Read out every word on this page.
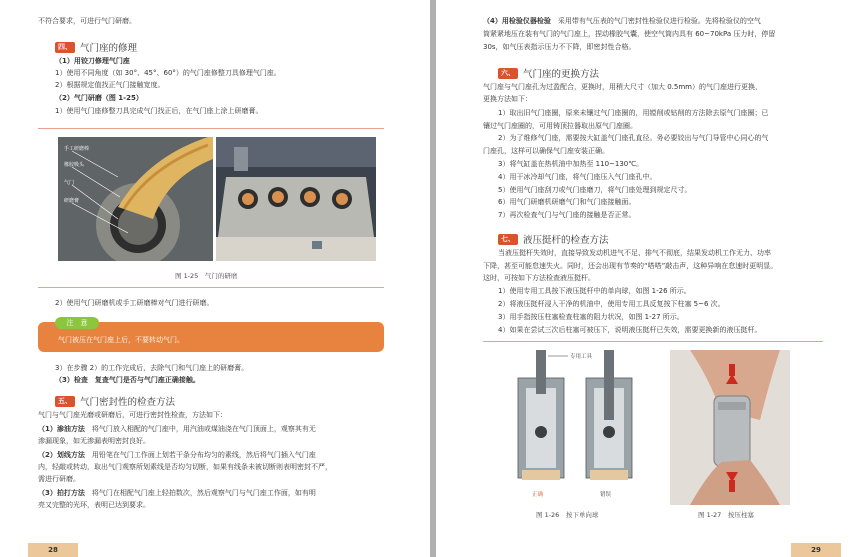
不符合要求，可进行气门研磨。
四、 气门座的修理
（1）用铰刀修理气门座
1）使用不同角度（如 30°、45°、60°）的气门座修整刀具修理气门座。
2）根据规定值找正气门接触宽度。
（2）气门研磨（图 1-25）
1）使用气门座修整刀具完成气门找正后，在气门座上涂上研磨膏。
手工研磨棒
橡胶吸头
气门
研磨膏
图 1-25　气门的研磨
2）使用气门研磨机或手工研磨棒对气门进行研磨。
注　意
气门被压在气门座上后，不要转动气门。
3）在步骤 2）的工作完成后，去除气门和气门座上的研磨膏。
（3）检查　复查气门是否与气门座正确接触。
五、 气门密封性的检查方法
气门与气门座光磨或研磨后，可进行密封性检查，方法如下：
（1）渗油方法　 将气门放入相配的气门座中，用汽油或煤油浇在气门顶面上，观察其有无
渗漏现象，如无渗漏表明密封良好。
（2）划线方法　 用铅笔在气门工作面上划若干条分布均匀的素线，然后将气门插入气门座
内，轻敲或转动，取出气门观察所划素线是否均匀切断，如果有线条未被切断则表明密封不严，
需进行研磨。
（3）拍打方法　 将气门在相配气门座上轻拍数次，然后观察气门与气门座工作面，如有明
亮又完整的光环，表明已达到要求。
28
（4）用检验仪器检验　 采用带有气压表的气门密封性检验仪进行检验。先将检验仪的空气
筒紧紧地压在装有气门的气门座上，捏动橡胶气囊，使空气筒内具有 60~70kPa 压力时，停留
30s，如气压表指示压力不下降，即密封性合格。
六、 气门座的更换方法
气门座与气门座孔为过盈配合，更换时，用稍大尺寸（加大 0.5mm）的气门座进行更换，
更换方法如下：
1）取出旧气门座圈，原来未镶过气门座圈的，用镗削或钻削的方法除去原气门座圈；已
镶过气门座圈的，可用铸顶拉器取出原气门座圈。
2）为了维修气门座，需要按大缸盖气门座孔直径。务必要铰出与气门导管中心同心的气
门座孔，这样可以确保气门座安装正确。
3）将气缸盖在热机油中加热至 110~130℃。
4）用干冰冷却气门座，将气门座压入气门座孔中。
5）使用气门座刮刀或气门座磨刀，将气门座处理到规定尺寸。
6）用气门研磨机研磨气门和气门座接触面。
7）再次检查气门与气门座的接触是否正常。
七、 液压挺杆的检查方法
当液压挺杆失效时，直接导致发动机进气不足、排气不彻底，结果发动机工作无力、功率
下降，甚至可能怠速失火。同时，还会出现有节奏的“嗒嗒”敲击声，这种异响在怠速时更明显。
这时，可按如下方法检查液压挺杆。
1）使用专用工具按下液压挺杆中的单向球，如图 1-26 所示。
2）将液压挺杆浸入干净的机油中，使用专用工具反复按下柱塞 5~6 次。
3）用手指按压柱塞检查柱塞的阻力状况，如图 1-27 所示。
4）如果在尝试三次后柱塞可被压下，说明液压挺杆已失效，需要更换新的液压挺杆。
专用工具
正确	错误
图 1-26　按下单向球	图 1-27　按压柱塞
29
